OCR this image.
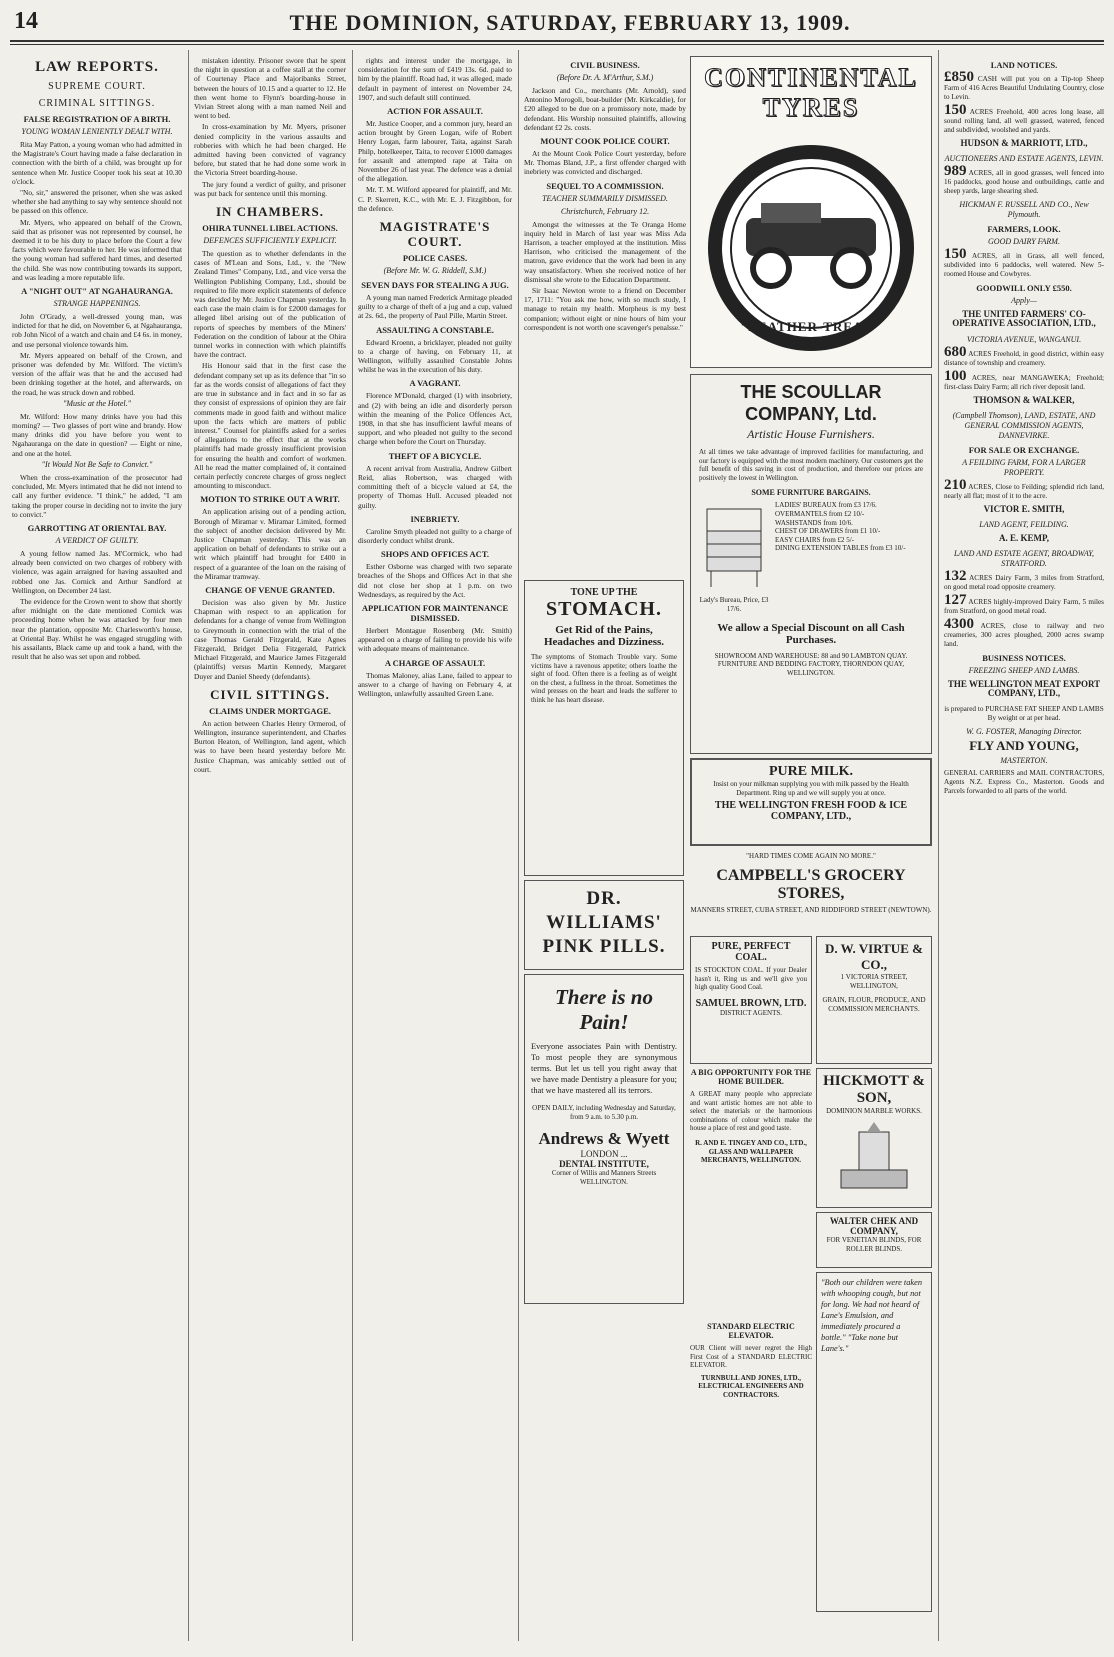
14	THE DOMINION, SATURDAY, FEBRUARY 13, 1909.
LAW REPORTS.
SUPREME COURT.
CRIMINAL SITTINGS.
FALSE REGISTRATION OF A BIRTH.
YOUNG WOMAN LENIENTLY DEALT WITH.

Rita May Patton, a young woman who had admitted in the Magistrate's Court having made a false declaration in connection with the birth of a child, was brought up for sentence when Mr. Justice Cooper took his seat at 10.30 o'clock.

"No, sir," answered the prisoner, when she was asked whether she had anything to say why sentence should not be passed on this offence.

Mr. Myers, who appeared on behalf of the Crown, said that as prisoner was not represented by counsel, he deemed it to be his duty to place before the Court a few facts which were favourable to her. He was informed that the young woman had suffered hard times, and deserted the child. She was now contributing towards its support, and was leading a more reputable life.

A "NIGHT OUT" AT NGAHAURANGA.
STRANGE HAPPENINGS.

John O'Grady, a well-dressed young man, was indicted for that he did, on November 6, at Ngahauranga, rob John Nicol of a watch and chain and £4 6s. in money, and use personal violence towards him.

Mr. Myers appeared on behalf of the Crown, and prisoner was defended by Mr. Wilford. The victim's version of the affair was that he and the accused had been drinking together at the hotel, and afterwards, on the road, he was struck down and robbed.

"Music at the Hotel."

Mr. Wilford: How many drinks have you had this morning? — Two glasses of port wine and brandy. How many drinks did you have before you went to Ngahauranga on the date in question? — Eight or nine, and one at the hotel.

"It Would Not Be Safe to Convict."

When the cross-examination of the prosecutor had concluded, Mr. Myers intimated that he did not intend to call any further evidence. "I think," he added, "I am taking the proper course in deciding not to invite the jury to convict."

GARROTTING AT ORIENTAL BAY.
A VERDICT OF GUILTY.

A young fellow named Jas. M'Cormick, who had already been convicted on two charges of robbery with violence, was again arraigned for having assaulted and robbed one Jas. Cornick and Arthur Sandford at Wellington, on December 24 last.

The evidence for the Crown went to show that shortly after midnight on the date mentioned Cornick was proceeding home when he was attacked by four men near the plantation, opposite Mr. Charlesworth's house, at Oriental Bay. Whilst he was engaged struggling with his assailants, Black came up and took a hand, with the result that he also was set upon and robbed.

mistaken identity. Prisoner swore that he spent the night in question at a coffee stall at the corner of Courtenay Place and Majoribanks Street, between the hours of 10.15 and a quarter to 12. He then went home to Flynn's boarding-house in Vivian Street along with a man named Neil and went to bed.

In cross-examination by Mr. Myers, prisoner denied complicity in the various assaults and robberies with which he had been charged. He admitted having been convicted of vagrancy before, but stated that he had done some work in the Victoria Street boarding-house.

The jury found a verdict of guilty, and prisoner was put back for sentence until this morning.

IN CHAMBERS.
OHIRA TUNNEL LIBEL ACTIONS.
DEFENCES SUFFICIENTLY EXPLICIT.

The question as to whether defendants in the cases of M'Lean and Sons, Ltd., v. the "New Zealand Times" Company, Ltd., and vice versa the Wellington Publishing Company, Ltd., should be required to file more explicit statements of defence was decided by Mr. Justice Chapman yesterday. In each case the main claim is for £2000 damages for alleged libel arising out of the publication of reports of speeches by members of the Miners' Federation on the condition of labour at the Ohira tunnel works in connection with which plaintiffs have the contract.

His Honour said that in the first case the defendant company set up as its defence that "in so far as the words consist of allegations of fact they are true in substance and in fact and in so far as they consist of expressions of opinion they are fair comments made in good faith and without malice upon the facts which are matters of public interest." Counsel for plaintiffs asked for a series of allegations to the effect that at the works plaintiffs had made grossly insufficient provision for ensuring the health and comfort of workmen. All he read the matter complained of, it contained certain perfectly concrete charges of gross neglect amounting to misconduct.

MOTION TO STRIKE OUT A WRIT.

An application arising out of a pending action, Borough of Miramar v. Miramar Limited, formed the subject of another decision delivered by Mr. Justice Chapman yesterday. This was an application on behalf of defendants to strike out a writ which plaintiff had brought for £400 in respect of a guarantee of the loan on the raising of the Miramar tramway.

CHANGE OF VENUE GRANTED.

Decision was also given by Mr. Justice Chapman with respect to an application for defendants for a change of venue from Wellington to Greymouth in connection with the trial of the case Thomas Gerald Fitzgerald, Kate Agnes Fitzgerald, Bridget Delia Fitzgerald, Patrick Michael Fitzgerald, and Maurice James Fitzgerald (plaintiffs) versus Martin Kennedy, Margaret Duyer and Daniel Sheedy (defendants).

CIVIL SITTINGS.
CLAIMS UNDER MORTGAGE.

An action between Charles Henry Ormerod, of Wellington, insurance superintendent, and Charles Burton Heaton, of Wellington, land agent, which was to have been heard yesterday before Mr. Justice Chapman, was amicably settled out of court.

rights and interest under the mortgage, in consideration for the sum of £419 13s. 6d. paid to him by the plaintiff. Road had, it was alleged, made default in payment of interest on November 24, 1907, and such default still continued.

ACTION FOR ASSAULT.

Mr. Justice Cooper, and a common jury, heard an action brought by Green Logan, wife of Robert Henry Logan, farm labourer, Taita, against Sarah Philp, hotelkeeper, Taita, to recover £1000 damages for assault and attempted rape at Taita on November 26 of last year. The defence was a denial of the allegation.

Mr. T. M. Wilford appeared for plaintiff, and Mr. C. P. Skerrett, K.C., with Mr. E. J. Fitzgibbon, for the defence.

MAGISTRATE'S COURT.
POLICE CASES.
(Before Mr. W. G. Riddell, S.M.)
SEVEN DAYS FOR STEALING A JUG.

A young man named Frederick Armitage pleaded guilty to a charge of theft of a jug and a cup, valued at 2s. 6d., the property of Paul Pille, Martin Street.

ASSAULTING A CONSTABLE.

Edward Kroenn, a bricklayer, pleaded not guilty to a charge of having, on February 11, at Wellington, wilfully assaulted Constable Johns whilst he was in the execution of his duty.

A VAGRANT.

Florence M'Donald, charged (1) with insobriety, and (2) with being an idle and disorderly person within the meaning of the Police Offences Act, 1908, in that she has insufficient lawful means of support, and who pleaded not guilty to the second charge when before the Court on Thursday.

THEFT OF A BICYCLE.

A recent arrival from Australia, Andrew Gilbert Reid, alias Robertson, was charged with committing theft of a bicycle valued at £4, the property of Thomas Hull. Accused pleaded not guilty.

INEBRIETY.

Caroline Smyth pleaded not guilty to a charge of disorderly conduct whilst drunk.

SHOPS AND OFFICES ACT.

Esther Osborne was charged with two separate breaches of the Shops and Offices Act in that she did not close her shop at 1 p.m. on two Wednesdays, as required by the Act.

APPLICATION FOR MAINTENANCE DISMISSED.

Herbert Montague Rosenberg (Mr. Smith) appeared on a charge of failing to provide his wife with adequate means of maintenance.

A CHARGE OF ASSAULT.

Thomas Maloney, alias Lane, failed to appear to answer to a charge of having on February 4, at Wellington, unlawfully assaulted Green Lane.

CIVIL BUSINESS.
(Before Dr. A. M'Arthur, S.M.)

Jackson and Co., merchants (Mr. Arnold), sued Antonino Morogoli, boat-builder (Mr. Kirkcaldie), for £20 alleged to be due on a promissory note, made by defendant. His Worship nonsuited plaintiffs, allowing defendant £2 2s. costs.

MOUNT COOK POLICE COURT.

At the Mount Cook Police Court yesterday, before Mr. Thomas Bland, J.P., a first offender charged with inebriety was convicted and discharged.

SEQUEL TO A COMMISSION.
TEACHER SUMMARILY DISMISSED.
Christchurch, February 12.

Amongst the witnesses at the Te Oranga Home inquiry held in March of last year was Miss Ada Harrison, a teacher employed at the institution. Miss Harrison, who criticised the management of the matron, gave evidence that the work had been in any way unsatisfactory. When she received notice of her dismissal she wrote to the Education Department.

Sir Isaac Newton wrote to a friend on December 17, 1711: "You ask me how, with so much study, I manage to retain my health. Morpheus is my best companion; without eight or nine hours of him your correspondent is not worth one scavenger's penalsse."

CONTINENTAL TYRES
"LEATHER-TREAD"
THE SCOULLAR COMPANY, Ltd.
Artistic House Furnishers.
At all times we take advantage of improved facilities for manufacturing, and our factory is equipped with the most modern machinery. Our customers get the full benefit of this saving in cost of production, and therefore our prices are positively the lowest in Wellington.
SOME FURNITURE BARGAINS.
Lady's Bureau, Price, £3 17/6.
LADIES' BUREAUX from £3 17/6.
OVERMANTELS from £2 10/-
WASHSTANDS from 10/6.
CHEST OF DRAWERS from £1 10/-
EASY CHAIRS from £2 5/-
DINING EXTENSION TABLES from £3 10/-
We allow a Special Discount on all Cash Purchases.
SHOWROOM AND WAREHOUSE: 88 and 90 LAMBTON QUAY. FURNITURE AND BEDDING FACTORY, THORNDON QUAY, WELLINGTON.
TONE UP THE
STOMACH.
Get Rid of the Pains, Headaches and Dizziness.
The symptoms of Stomach Trouble vary. Some victims have a ravenous appetite; others loathe the sight of food. Often there is a feeling as of weight on the chest, a fullness in the throat. Sometimes the wind presses on the heart and leads the sufferer to think he has heart disease.
DR. WILLIAMS' PINK PILLS.
There is no Pain!
Everyone associates Pain with Dentistry. To most people they are synonymous terms. But let us tell you right away that we have made Dentistry a pleasure for you; that we have mastered all its terrors.
OPEN DAILY, including Wednesday and Saturday, from 9 a.m. to 5.30 p.m.
Andrews & Wyett
LONDON ...
DENTAL INSTITUTE,
Corner of Willis and Manners Streets WELLINGTON.
PURE MILK.
Insist on your milkman supplying you with milk passed by the Health Department. Ring up and we will supply you at once.
THE WELLINGTON FRESH FOOD & ICE COMPANY, LTD.,
"HARD TIMES COME AGAIN NO MORE."
CAMPBELL'S GROCERY STORES,
MANNERS STREET, CUBA STREET, AND RIDDIFORD STREET (NEWTOWN).
PURE, PERFECT COAL.
IS STOCKTON COAL. If your Dealer hasn't it, Ring us and we'll give you high quality Good Coal.
SAMUEL BROWN, LTD.
DISTRICT AGENTS.
D. W. VIRTUE & CO.,
1 VICTORIA STREET, WELLINGTON,
GRAIN, FLOUR, PRODUCE, AND COMMISSION MERCHANTS.
A BIG OPPORTUNITY FOR THE HOME BUILDER.
A GREAT many people who appreciate and want artistic homes are not able to select the materials or the harmonious combinations of colour which make the house a place of rest and good taste.
R. AND E. TINGEY AND CO., LTD., GLASS AND WALLPAPER MERCHANTS, WELLINGTON.
HICKMOTT & SON,
DOMINION MARBLE WORKS.
WALTER CHEK AND COMPANY,
FOR VENETIAN BLINDS, FOR ROLLER BLINDS.
STANDARD ELECTRIC ELEVATOR.
OUR Client will never regret the High First Cost of a STANDARD ELECTRIC ELEVATOR.
TURNBULL AND JONES, LTD., ELECTRICAL ENGINEERS AND CONTRACTORS.
"Both our children were taken with whooping cough, but not for long. We had not heard of Lane's Emulsion, and immediately procured a bottle." "Take none but Lane's."
LAND NOTICES.
£850 CASH will put you on a Tip-top Sheep Farm of 416 Acres Beautiful Undulating Country, close to Levin.
150 ACRES Freehold, 400 acres long lease, all sound rolling land, all well grassed, watered, fenced and subdivided, woolshed and yards.
HUDSON & MARRIOTT, LTD.,
AUCTIONEERS AND ESTATE AGENTS, LEVIN.
989 ACRES, all in good grasses, well fenced into 16 paddocks, good house and outbuildings, cattle and sheep yards, large shearing shed.
HICKMAN F. RUSSELL AND CO., New Plymouth.
FARMERS, LOOK.
GOOD DAIRY FARM.
150 ACRES, all in Grass, all well fenced, subdivided into 6 paddocks, well watered. New 5-roomed House and Cowbyres.
GOODWILL ONLY £550.
Apply—
THE UNITED FARMERS' CO-OPERATIVE ASSOCIATION, LTD.,
VICTORIA AVENUE, WANGANUI.
680 ACRES Freehold, in good district, within easy distance of township and creamery.
100 ACRES, near MANGAWEKA; Freehold; first-class Dairy Farm; all rich river deposit land.
THOMSON & WALKER,
(Campbell Thomson), LAND, ESTATE, AND GENERAL COMMISSION AGENTS, DANNEVIRKE.
FOR SALE OR EXCHANGE.
A FEILDING FARM, FOR A LARGER PROPERTY.
210 ACRES, Close to Feilding; splendid rich land, nearly all flat; most of it to the acre.
VICTOR E. SMITH,
LAND AGENT, FEILDING.
A. E. KEMP,
LAND AND ESTATE AGENT, BROADWAY, STRATFORD.
132 ACRES Dairy Farm, 3 miles from Stratford, on good metal road opposite creamery.
127 ACRES highly-improved Dairy Farm, 5 miles from Stratford, on good metal road.
4300 ACRES, close to railway and two creameries, 300 acres ploughed, 2000 acres swamp land.
BUSINESS NOTICES.
FREEZING SHEEP AND LAMBS.
THE WELLINGTON MEAT EXPORT COMPANY, LTD.,
is prepared to PURCHASE FAT SHEEP AND LAMBS By weight or at per head.
W. G. FOSTER, Managing Director.
FLY AND YOUNG,
MASTERTON.
GENERAL CARRIERS and MAIL CONTRACTORS, Agents N.Z. Express Co., Masterton. Goods and Parcels forwarded to all parts of the world.
